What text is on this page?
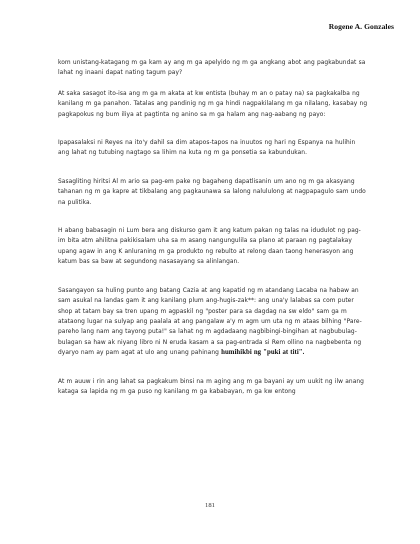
Rogene A. Gonzales

kom unistang-katagang m ga kam ay ang m ga apelyido ng m ga angkang abot ang pagkabundat sa lahat ng inaani dapat nating tagum pay?

At saka sasagot ito-isa ang m ga m akata at kw entista (buhay m an o patay na) sa pagkakalba ng kanilang m ga panahon. Tatalas ang pandinig ng m ga hindi nagpakilalang m ga nilalang, kasabay ng pagkapokus ng bum iliya at pagtinta ng anino sa m ga halam ang nag-aabang ng payo:

Ipapasalaksi ni Reyes na ito'y dahil sa dim atapos-tapos na inuutos ng hari ng Espanya na hulihin ang lahat ng tutubing nagtago sa lihim na kuta ng m ga ponsetia sa kabundukan.

Sasagliting hiritsi Al m ario sa pag-em pake ng bagaheng dapatlisanin um ano ng m ga akasyang tahanan ng m ga kapre at tikbalang ang pagkaunawa sa lalong nalululong at nagpapagulo sam undo na pulitika.

H abang babasagin ni Lum bera ang diskurso gam it ang katum pakan ng talas na idudulot ng pag-im bita atm ahilitna pakikisalam uha sa m asang nangungulila sa plano at paraan ng pagtalakay upang agaw in ang K anluraning m ga produkto ng rebulto at relong daan taong henerasyon ang katum bas sa baw at segundong nasasayang sa alinlangan.

Sasangayon sa huling punto ang batang Cazia at ang kapatid ng m atandang Lacaba na habaw an sam asukal na landas gam it ang kanilang plum ang-hugis-zak**: ang una'y lalabas sa com puter shop at tatam bay sa tren upang m agpaskil ng "poster para sa dagdag na sw eldo" sam ga m atataong lugar na sulyap ang paalala at ang pangalaw a'y m agm um uta ng m ataas bilhing "Pare-pareho lang nam ang tayong puta!" sa lahat ng m agdadaang nagbibingi-bingihan at nagbubulag-bulagan sa haw ak niyang libro ni N eruda kasam a sa pag-entrada si Rem ollino na nagbebenta ng dyaryo nam ay pam agat at ulo ang unang pahinang humihikbi ng "puki at titi".

At m auuw i rin ang lahat sa pagkakum binsi na m aging ang m ga bayani ay um uukit ng ilw anang kataga sa lapida ng m ga puso ng kanilang m ga kababayan, m ga kw entong

181
